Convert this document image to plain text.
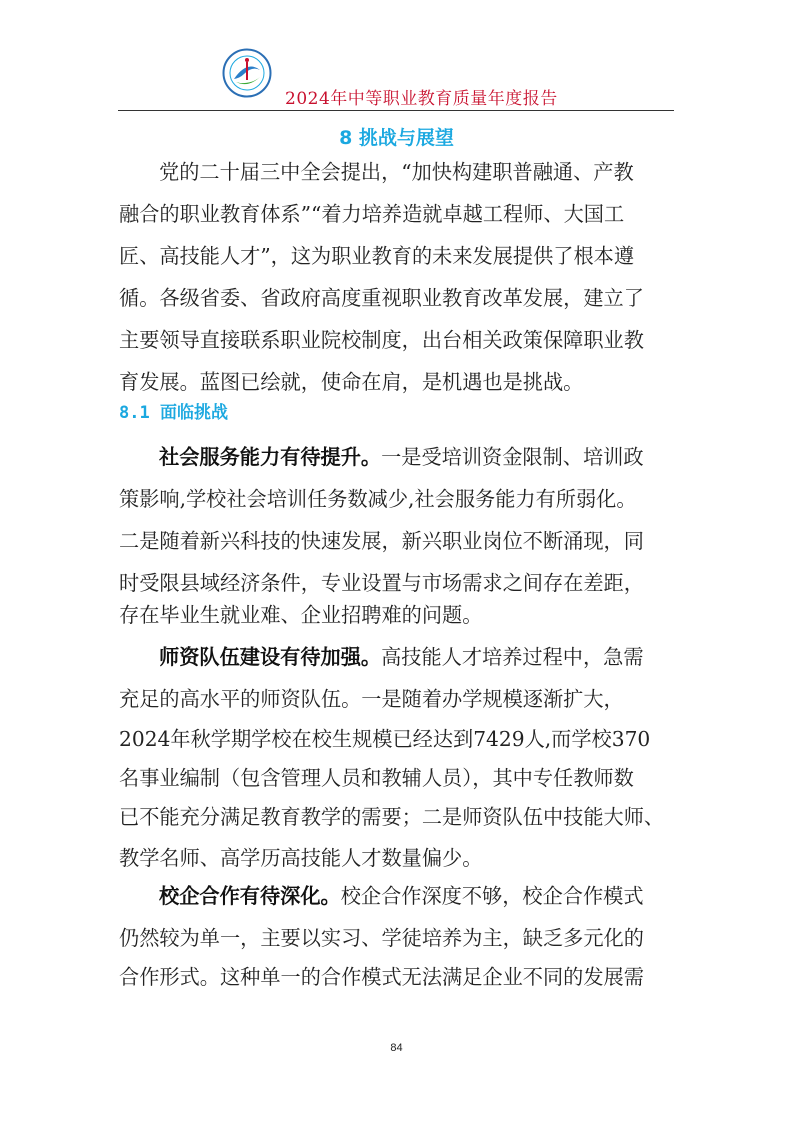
2024年中等职业教育质量年度报告
8 挑战与展望
党的二十届三中全会提出，“加快构建职普融通、产教
融合的职业教育体系”“着力培养造就卓越工程师、大国工
匠、高技能人才”，这为职业教育的未来发展提供了根本遵
循。各级省委、省政府高度重视职业教育改革发展，建立了
主要领导直接联系职业院校制度，出台相关政策保障职业教
育发展。蓝图已绘就，使命在肩，是机遇也是挑战。
8.1 面临挑战
社会服务能力有待提升。一是受培训资金限制、培训政
策影响,学校社会培训任务数减少,社会服务能力有所弱化。
二是随着新兴科技的快速发展，新兴职业岗位不断涌现，同
时受限县域经济条件，专业设置与市场需求之间存在差距，
存在毕业生就业难、企业招聘难的问题。
师资队伍建设有待加强。高技能人才培养过程中，急需
充足的高水平的师资队伍。一是随着办学规模逐渐扩大，
2024年秋学期学校在校生规模已经达到7429人,而学校370
名事业编制（包含管理人员和教辅人员），其中专任教师数
已不能充分满足教育教学的需要；二是师资队伍中技能大师、
教学名师、高学历高技能人才数量偏少。
校企合作有待深化。校企合作深度不够，校企合作模式
仍然较为单一，主要以实习、学徒培养为主，缺乏多元化的
合作形式。这种单一的合作模式无法满足企业不同的发展需
84
